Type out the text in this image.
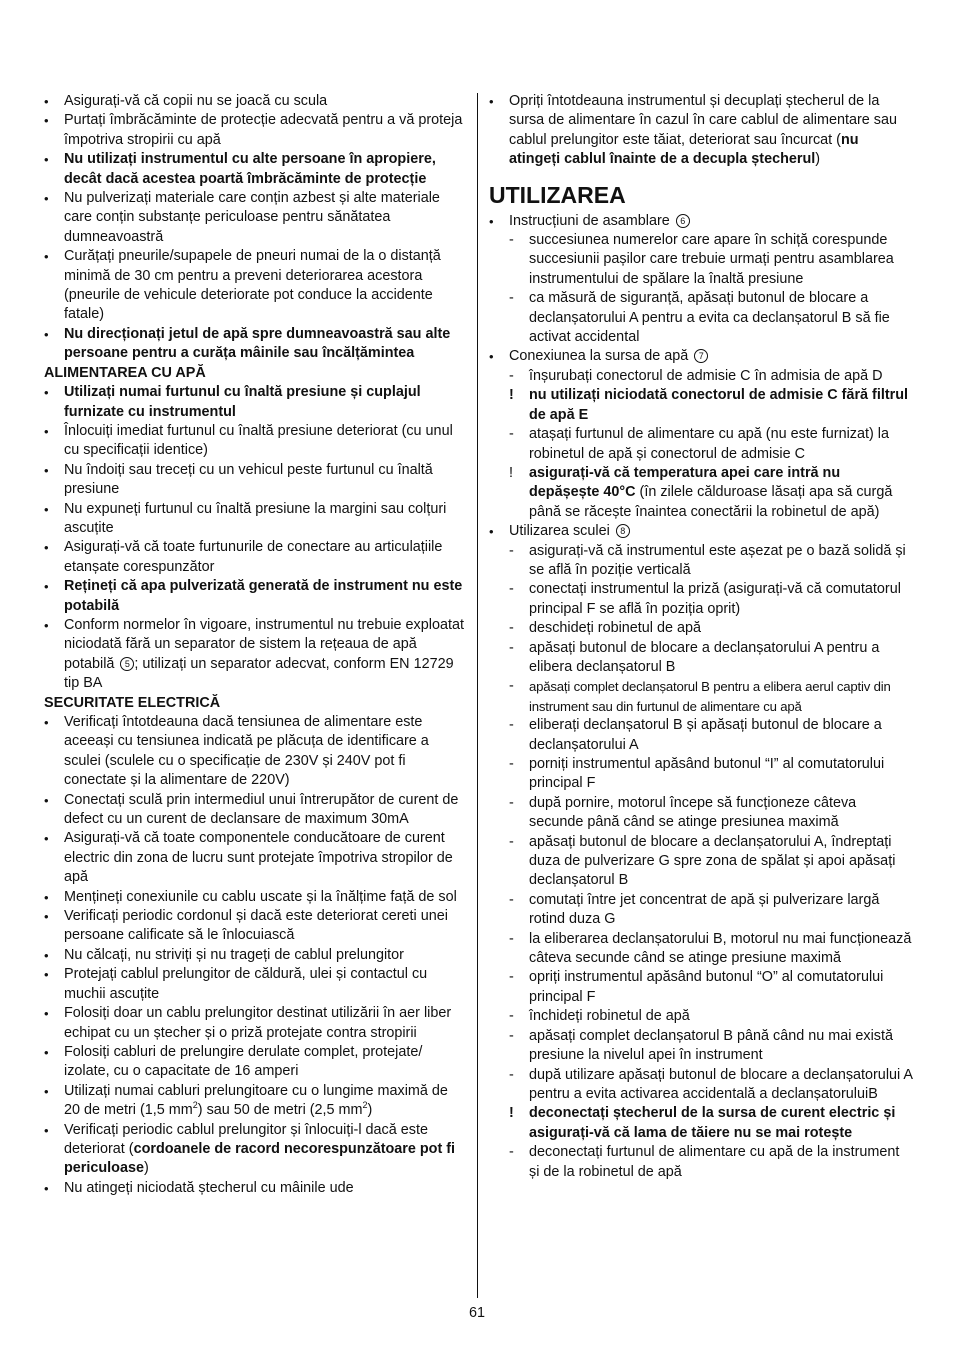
•	Asigurați-vă că copii nu se joacă cu scula
•	Purtați îmbrăcăminte de protecție adecvată pentru a vă proteja împotriva stropirii cu apă
•	Nu utilizați instrumentul cu alte persoane în apropiere, decât dacă acestea poartă îmbrăcăminte de protecție
•	Nu pulverizați materiale care conțin azbest și alte materiale care conțin substanțe periculoase pentru sănătatea dumneavoastră
•	Curățați pneurile/supapele de pneuri numai de la o distanță minimă de 30 cm pentru a preveni deteriorarea acestora (pneurile de vehicule deteriorate pot conduce la accidente fatale)
•	Nu direcționați jetul de apă spre dumneavoastră sau alte persoane pentru a curăța mâinile sau încălțămintea
ALIMENTAREA CU APĂ
•	Utilizați numai furtunul cu înaltă presiune și cuplajul furnizate cu instrumentul
•	Înlocuiți imediat furtunul cu înaltă presiune deteriorat (cu unul cu specificații identice)
•	Nu îndoiți sau treceți cu un vehicul peste furtunul cu înaltă presiune
•	Nu expuneți furtunul cu înaltă presiune la margini sau colțuri ascuțite
•	Asigurați-vă că toate furtunurile de conectare au articulațiile etanșate corespunzător
•	Rețineți că apa pulverizată generată de instrument nu este potabilă
•	Conform normelor în vigoare, instrumentul nu trebuie exploatat niciodată fără un separator de sistem la rețeaua de apă potabilă 5 ; utilizați un separator adecvat, conform EN 12729 tip BA
SECURITATE ELECTRICĂ
•	Verificați întotdeauna dacă tensiunea de alimentare este aceeași cu tensiunea indicată pe plăcuța de identificare a sculei (sculele cu o specificație de 230V și 240V pot fi conectate și la alimentare de 220V)
•	Conectați sculă prin intermediul unui întrerupător de curent de defect cu un curent de declansare de maximum 30mA
•	Asigurați-vă că toate componentele conducătoare de curent electric din zona de lucru sunt protejate împotriva stropilor de apă
•	Mențineți conexiunile cu cablu uscate și la înălțime față de sol
•	Verificați periodic cordonul și dacă este deteriorat cereti unei persoane calificate să le înlocuiască
•	Nu călcați, nu striviți și nu trageți de cablul prelungitor
•	Protejați cablul prelungitor de căldură, ulei și contactul cu muchii ascuțite
•	Folosiți doar un cablu prelungitor destinat utilizării în aer liber echipat cu un ștecher și o priză protejate contra stropirii
•	Folosiți cabluri de prelungire derulate complet, protejate/ izolate, cu o capacitate de 16 amperi
•	Utilizați numai cabluri prelungitoare cu o lungime maximă de 20 de metri (1,5 $mm^2$) sau 50 de metri (2,5 $mm^2$)
•	Verificați periodic cablul prelungitor și înlocuiți-l dacă este deteriorat (cordoanele de racord necorespunzătoare pot fi periculoase)
•	Nu atingeți niciodată ștecherul cu mâinile ude
•	Opriți întotdeauna instrumentul și decuplați ștecherul de la sursa de alimentare în cazul în care cablul de alimentare sau cablul prelungitor este tăiat, deteriorat sau încurcat (nu atingeți cablul înainte de a decupla ștecherul)
UTILIZAREA
•	Instrucțiuni de asamblare 6
-	succesiunea numerelor care apare în schiță corespunde succesiunii pașilor care trebuie urmați pentru asamblarea instrumentului de spălare la înaltă presiune
-	ca măsură de siguranță, apăsați butonul de blocare a declanșatorului A pentru a evita ca declanșatorul B să fie activat accidental
•	Conexiunea la sursa de apă 7
-	înșurubați conectorul de admisie C în admisia de apă D
!	nu utilizați niciodată conectorul de admisie C fără filtrul de apă E
-	atașați furtunul de alimentare cu apă (nu este furnizat) la robinetul de apă și conectorul de admisie C
!	asigurați-vă că temperatura apei care intră nu depășește 40°C (în zilele călduroase lăsați apa să curgă până se răcește înaintea conectării la robinetul de apă)
•	Utilizarea sculei 8
-	asigurați-vă că instrumentul este așezat pe o bază solidă și se află în poziție verticală
-	conectați instrumentul la priză (asigurați-vă că comutatorul principal F se află în poziția oprit)
-	deschideți robinetul de apă
-	apăsați butonul de blocare a declanșatorului A pentru a elibera declanșatorul B
-	apăsați complet declanșatorul B pentru a elibera aerul captiv din instrument sau din furtunul de alimentare cu apă
-	eliberați declanșatorul B și apăsați butonul de blocare a declanșatorului A
-	porniți instrumentul apăsând butonul “I” al comutatorului principal F
-	după pornire, motorul începe să funcționeze câteva secunde până când se atinge presiunea maximă
-	apăsați butonul de blocare a declanșatorului A, îndreptați duza de pulverizare G spre zona de spălat și apoi apăsați declanșatorul B
-	comutați între jet concentrat de apă și pulverizare largă rotind duza G
-	la eliberarea declanșatorului B, motorul nu mai funcționează câteva secunde când se atinge presiune maximă
-	opriți instrumentul apăsând butonul “O” al comutatorului principal F
-	închideți robinetul de apă
-	apăsați complet declanșatorul B până când nu mai există presiune la nivelul apei în instrument
-	după utilizare apăsați butonul de blocare a declanșatorului A pentru a evita activarea accidentală a declanșatoruluiB
!	deconectați ștecherul de la sursa de curent electric și asigurați-vă că lama de tăiere nu se mai rotește
-	deconectați furtunul de alimentare cu apă de la instrument și de la robinetul de apă
61
